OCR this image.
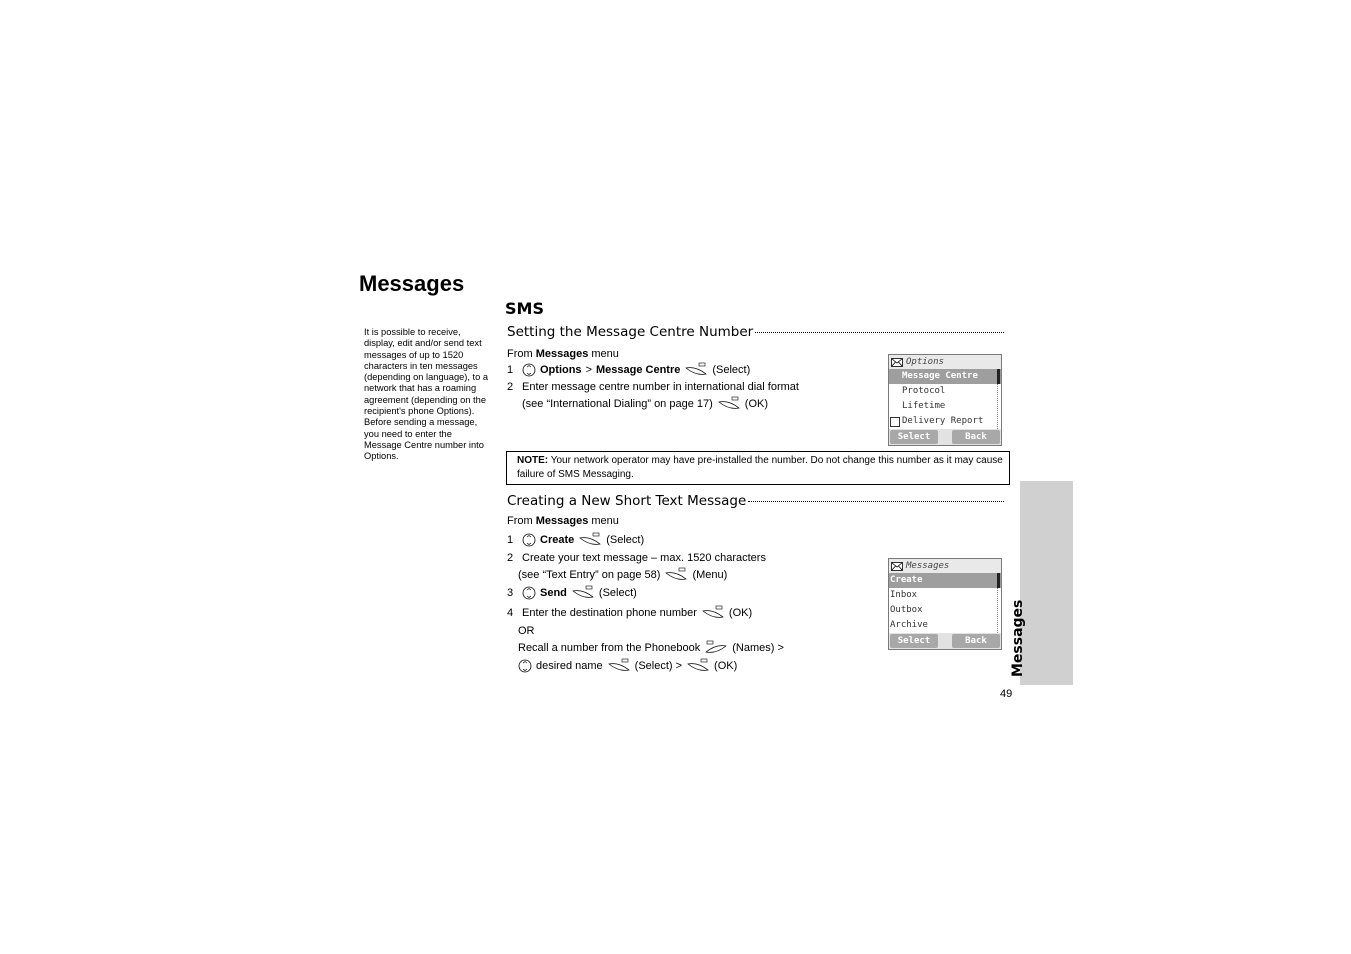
Messages
SMS
It is possible to receive, display, edit and/or send text messages of up to 1520 characters in ten messages (depending on language), to a network that has a roaming agreement (depending on the recipient's phone Options). Before sending a message, you need to enter the Message Centre number into Options.
Setting the Message Centre Number
From Messages menu
1	Options > Message Centre	(Select)
2 Enter message centre number in international dial format
(see “International Dialing” on page 17)	(OK)
Options
Message Centre
Protocol
Lifetime
Delivery Report
Select	Back
NOTE: Your network operator may have pre-installed the number. Do not change this number as it may cause failure of SMS Messaging.
Creating a New Short Text Message
From Messages menu
1	Create	(Select)
2 Create your text message – max. 1520 characters
(see “Text Entry” on page 58)	(Menu)
3	Send	(Select)
4 Enter the destination phone number	(OK)
OR
Recall a number from the Phonebook	(Names) >
desired name	(Select) >	(OK)
Messages
Create
Inbox
Outbox
Archive
Select	Back	Messages
49
